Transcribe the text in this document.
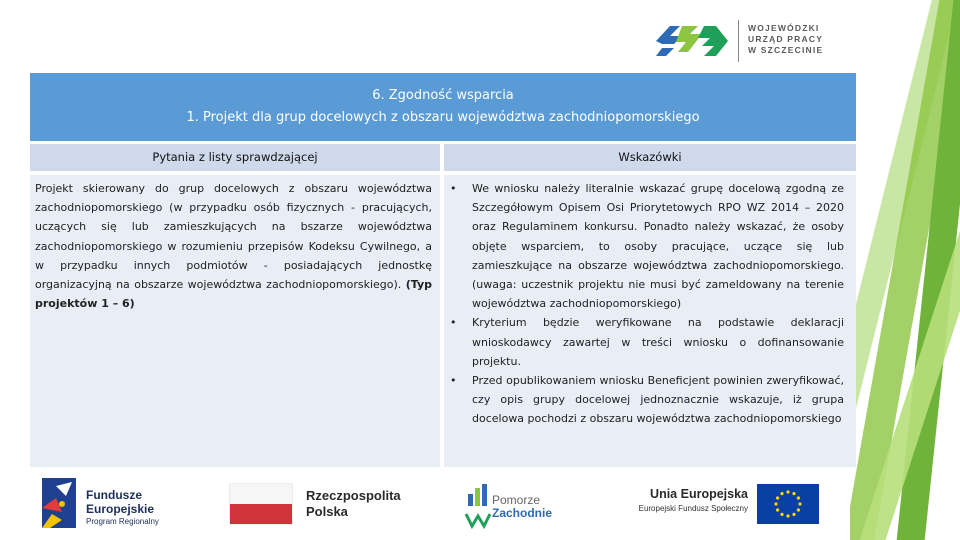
WOJEWÓDZKI
URZĄD PRACY
W SZCZECINIE
6. Zgodność wsparcia
1. Projekt dla grup docelowych z obszaru województwa zachodniopomorskiego
Pytania z listy sprawdzającej	Wskazówki
Projekt skierowany do grup docelowych z obszaru województwa zachodniopomorskiego (w przypadku osób fizycznych - pracujących, uczących się lub zamieszkujących na bszarze województwa zachodniopomorskiego w rozumieniu przepisów Kodeksu Cywilnego, a w przypadku innych podmiotów - posiadających jednostkę organizacyjną na obszarze województwa zachodniopomorskiego). (Typ projektów 1 – 6)
• We wniosku należy literalnie wskazać grupę docelową zgodną ze Szczegółowym Opisem Osi Priorytetowych RPO WZ 2014 – 2020 oraz Regulaminem konkursu. Ponadto należy wskazać, że osoby objęte wsparciem, to osoby pracujące, uczące się lub zamieszkujące na obszarze województwa zachodniopomorskiego. (uwaga: uczestnik projektu nie musi być zameldowany na terenie województwa zachodniopomorskiego)
• Kryterium będzie weryfikowane na podstawie deklaracji wnioskodawcy zawartej w treści wniosku o dofinansowanie projektu.
• Przed opublikowaniem wniosku Beneficjent powinien zweryfikować, czy opis grupy docelowej jednoznacznie wskazuje, iż grupa docelowa pochodzi z obszaru województwa zachodniopomorskiego
Fundusze
Europejskie
Program Regionalny
Rzeczpospolita
Polska
Pomorze
Zachodnie
Unia Europejska
Europejski Fundusz Społeczny
